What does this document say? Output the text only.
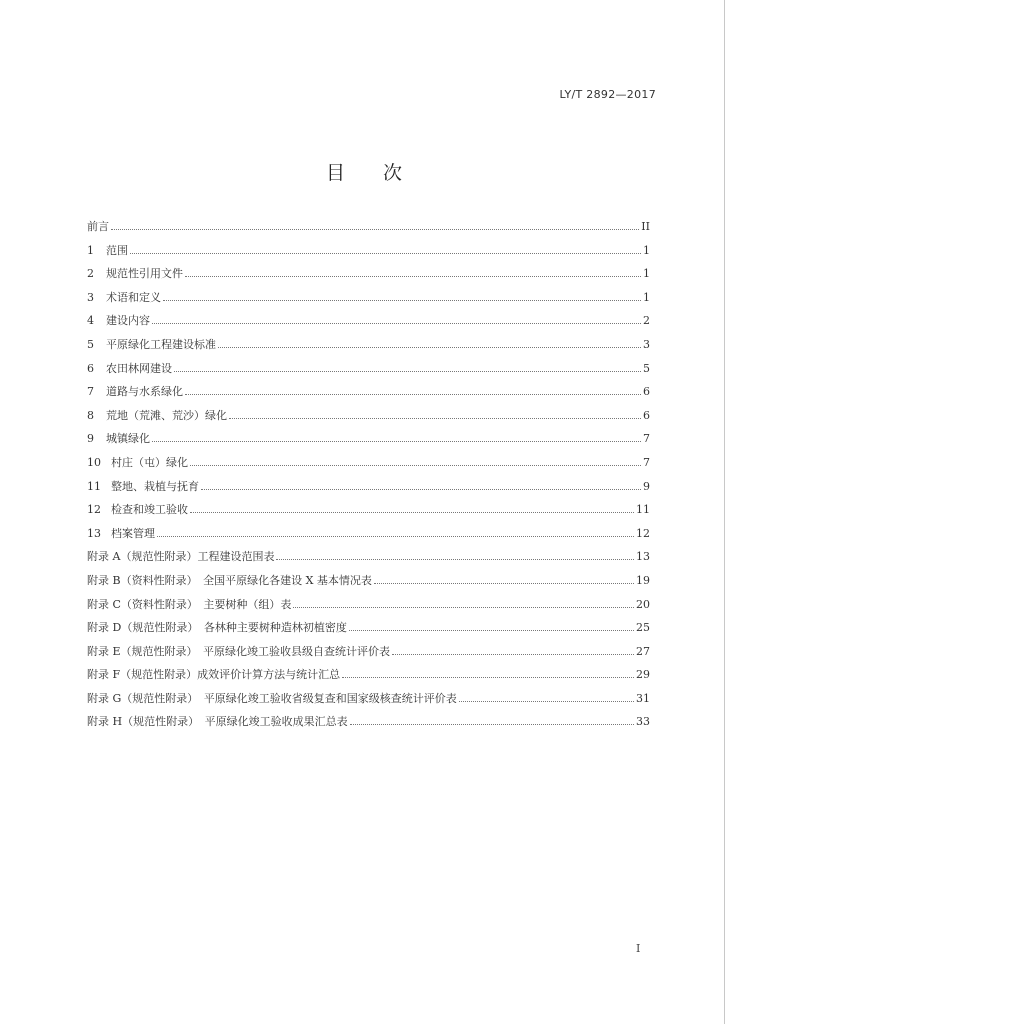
LY/T 2892—2017
目 次
前言	II
1	范围	1
2	规范性引用文件	1
3	术语和定义	1
4	建设内容	2
5	平原绿化工程建设标准	3
6	农田林网建设	5
7	道路与水系绿化	6
8	荒地（荒滩、荒沙）绿化	6
9	城镇绿化	7
10 村庄（屯）绿化	7
11 整地、栽植与抚育	9
12 检查和竣工验收	11
13 档案管理	12
附录 A（规范性附录）工程建设范围表	13
附录 B（资料性附录）　全国平原绿化各建设 X 基本情况表	19
附录 C（资料性附录）　主要树种（组）表	20
附录 D（规范性附录）　各林种主要树种造林初植密度	25
附录 E（规范性附录）　平原绿化竣工验收县级自查统计评价表	27
附录 F（规范性附录）成效评价计算方法与统计汇总	29
附录 G（规范性附录）　平原绿化竣工验收省级复查和国家级核查统计评价表	31
附录 H（规范性附录）　平原绿化竣工验收成果汇总表	33
I
